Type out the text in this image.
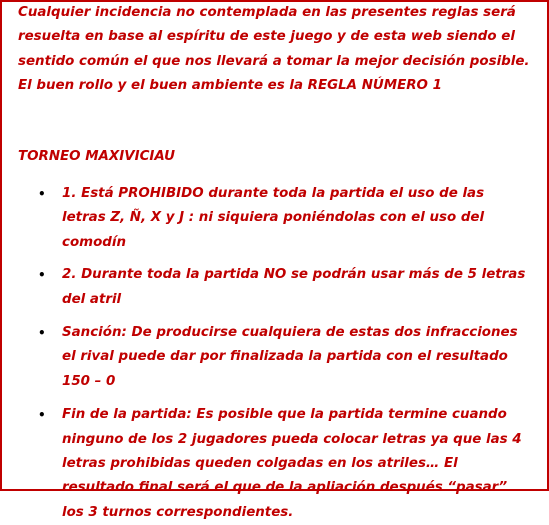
Cualquier incidencia no contemplada en las presentes reglas será resuelta en base al espíritu de este juego y de esta web siendo el sentido común el que nos llevará a tomar la mejor decisión posible. El buen rollo y el buen ambiente es la REGLA NÚMERO 1

TORNEO MAXIVICIAU

• 1. Está PROHIBIDO durante toda la partida el uso de las letras Z, Ñ, X y J : ni siquiera poniéndolas con el uso del comodín
• 2. Durante toda la partida NO se podrán usar más de 5 letras del atril
• Sanción: De producirse cualquiera de estas dos infracciones el rival puede dar por finalizada la partida con el resultado 150 – 0
• Fin de la partida: Es posible que la partida termine cuando ninguno de los 2 jugadores pueda colocar letras ya que las 4 letras prohibidas queden colgadas en los atriles… El resultado final será el que de la apliación después “pasar” los 3 turnos correspondientes.
